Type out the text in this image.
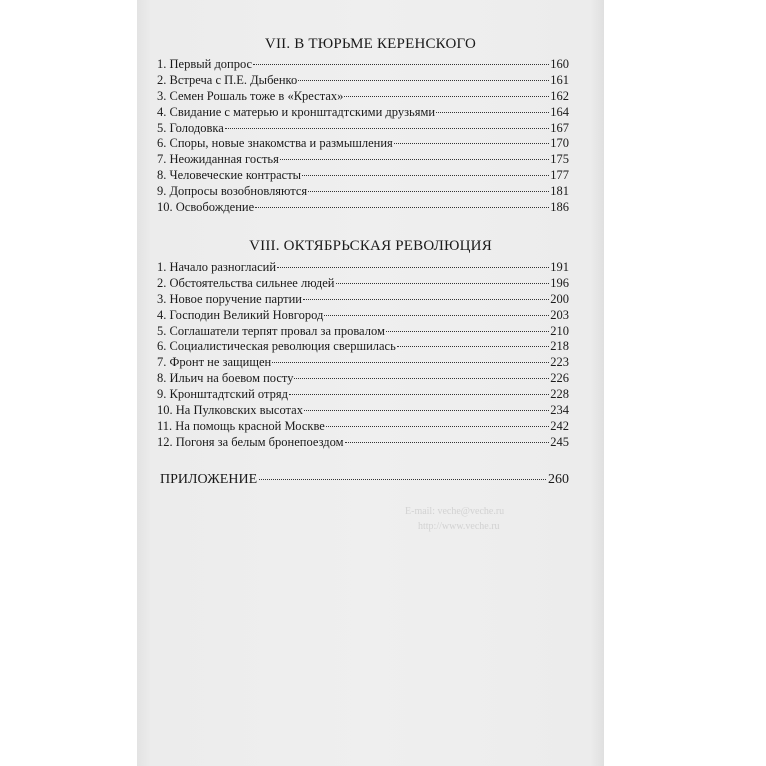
E-mail: veche@veche.ru
http://www.veche.ru
VII. В ТЮРЬМЕ КЕРЕНСКОГО
1. Первый допрос	160
2. Встреча с П.Е. Дыбенко	161
3. Семен Рошаль тоже в «Крестах»	162
4. Свидание с матерью и кронштадтскими друзьями	164
5. Голодовка	167
6. Споры, новые знакомства и размышления	170
7. Неожиданная гостья	175
8. Человеческие контрасты	177
9. Допросы возобновляются	181
10. Освобождение	186
VIII. ОКТЯБРЬСКАЯ РЕВОЛЮЦИЯ
1. Начало разногласий	191
2. Обстоятельства сильнее людей	196
3. Новое поручение партии	200
4. Господин Великий Новгород	203
5. Соглашатели терпят провал за провалом	210
6. Социалистическая революция свершилась	218
7. Фронт не защищен	223
8. Ильич на боевом посту	226
9. Кронштадтский отряд	228
10. На Пулковских высотах	234
11. На помощь красной Москве	242
12. Погоня за белым бронепоездом	245
ПРИЛОЖЕНИЕ	260
